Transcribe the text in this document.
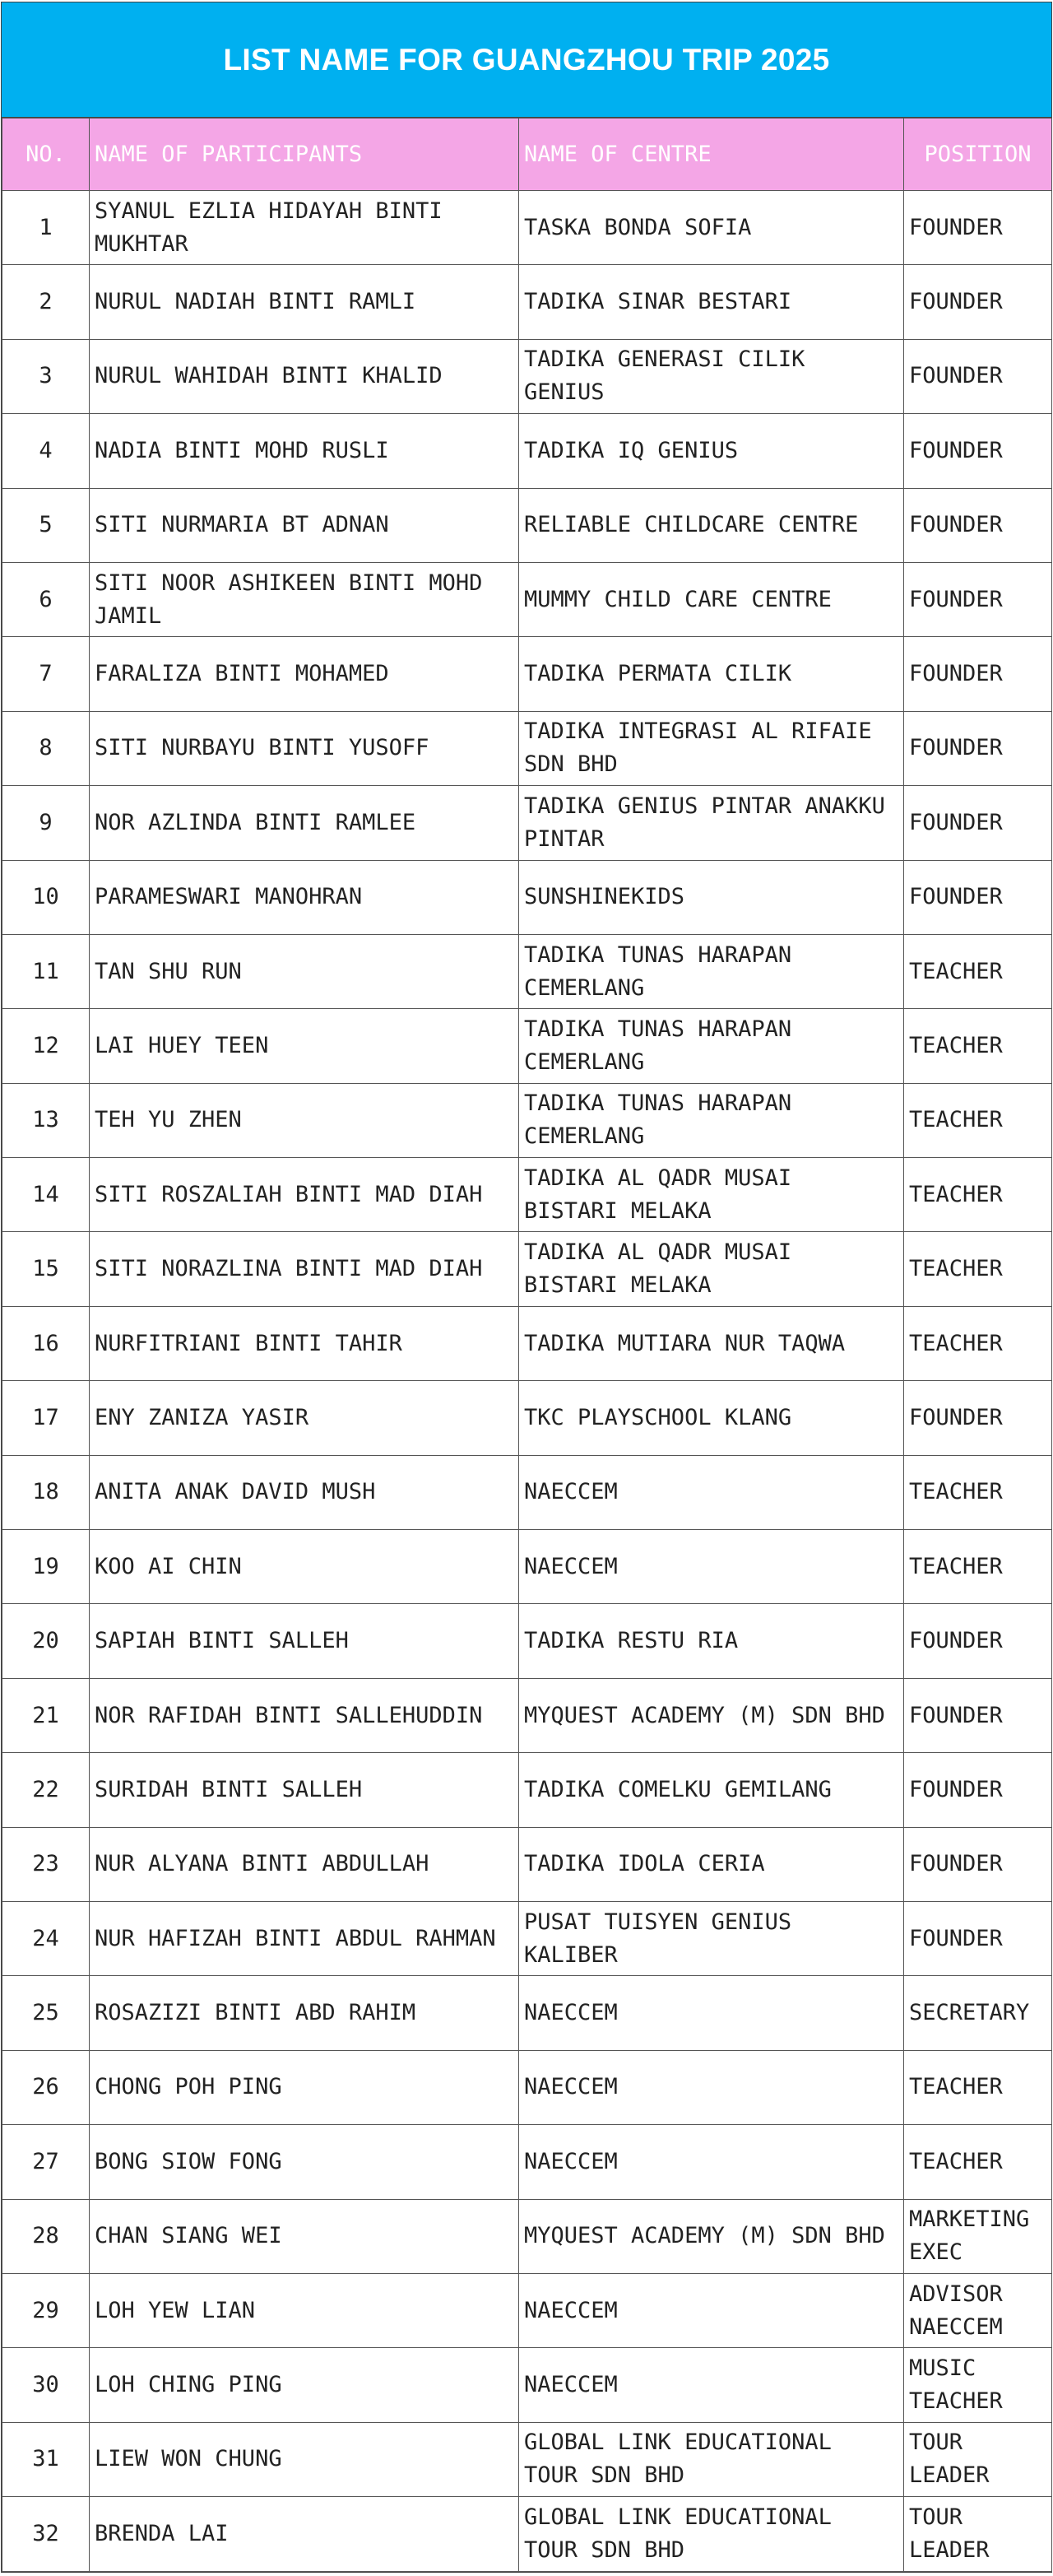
LIST NAME FOR GUANGZHOU TRIP 2025
NO.	NAME OF PARTICIPANTS	NAME OF CENTRE	POSITION
1	SYANUL EZLIA HIDAYAH BINTI MUKHTAR	TASKA BONDA SOFIA	FOUNDER
2	NURUL NADIAH BINTI RAMLI	TADIKA SINAR BESTARI	FOUNDER
3	NURUL WAHIDAH BINTI KHALID	TADIKA GENERASI CILIK GENIUS	FOUNDER
4	NADIA BINTI MOHD RUSLI	TADIKA IQ GENIUS	FOUNDER
5	SITI NURMARIA BT ADNAN	RELIABLE CHILDCARE CENTRE	FOUNDER
6	SITI NOOR ASHIKEEN BINTI MOHD JAMIL	MUMMY CHILD CARE CENTRE	FOUNDER
7	FARALIZA BINTI MOHAMED	TADIKA PERMATA CILIK	FOUNDER
8	SITI NURBAYU BINTI YUSOFF	TADIKA INTEGRASI AL RIFAIE SDN BHD	FOUNDER
9	NOR AZLINDA BINTI RAMLEE	TADIKA GENIUS PINTAR ANAKKU PINTAR	FOUNDER
10	PARAMESWARI MANOHRAN	SUNSHINEKIDS	FOUNDER
11	TAN SHU RUN	TADIKA TUNAS HARAPAN CEMERLANG	TEACHER
12	LAI HUEY TEEN	TADIKA TUNAS HARAPAN CEMERLANG	TEACHER
13	TEH YU ZHEN	TADIKA TUNAS HARAPAN CEMERLANG	TEACHER
14	SITI ROSZALIAH BINTI MAD DIAH	TADIKA AL QADR MUSAI BISTARI MELAKA	TEACHER
15	SITI NORAZLINA BINTI MAD DIAH	TADIKA AL QADR MUSAI BISTARI MELAKA	TEACHER
16	NURFITRIANI BINTI TAHIR	TADIKA MUTIARA NUR TAQWA	TEACHER
17	ENY ZANIZA YASIR	TKC PLAYSCHOOL KLANG	FOUNDER
18	ANITA ANAK DAVID MUSH	NAECCEM	TEACHER
19	KOO AI CHIN	NAECCEM	TEACHER
20	SAPIAH BINTI SALLEH	TADIKA RESTU RIA	FOUNDER
21	NOR RAFIDAH BINTI SALLEHUDDIN	MYQUEST ACADEMY (M) SDN BHD	FOUNDER
22	SURIDAH BINTI SALLEH	TADIKA COMELKU GEMILANG	FOUNDER
23	NUR ALYANA BINTI ABDULLAH	TADIKA IDOLA CERIA	FOUNDER
24	NUR HAFIZAH BINTI ABDUL RAHMAN	PUSAT TUISYEN GENIUS KALIBER	FOUNDER
25	ROSAZIZI BINTI ABD RAHIM	NAECCEM	SECRETARY
26	CHONG POH PING	NAECCEM	TEACHER
27	BONG SIOW FONG	NAECCEM	TEACHER
28	CHAN SIANG WEI	MYQUEST ACADEMY (M) SDN BHD	MARKETING EXEC
29	LOH YEW LIAN	NAECCEM	ADVISOR NAECCEM
30	LOH CHING PING	NAECCEM	MUSIC TEACHER
31	LIEW WON CHUNG	GLOBAL LINK EDUCATIONAL TOUR SDN BHD	TOUR LEADER
32	BRENDA LAI	GLOBAL LINK EDUCATIONAL TOUR SDN BHD	TOUR LEADER
